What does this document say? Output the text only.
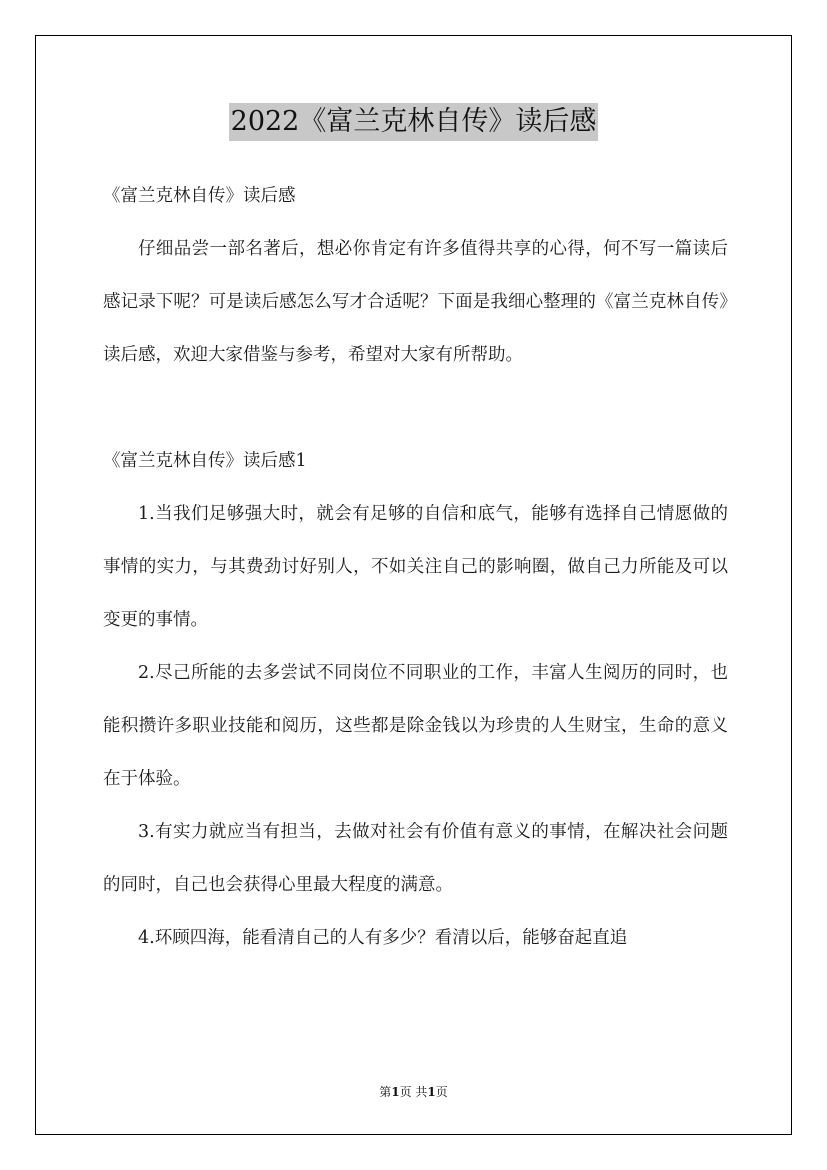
2022《富兰克林自传》读后感

《富兰克林自传》读后感

仔细品尝一部名著后，想必你肯定有许多值得共享的心得，何不写一篇读后感记录下呢？可是读后感怎么写才合适呢？下面是我细心整理的《富兰克林自传》读后感，欢迎大家借鉴与参考，希望对大家有所帮助。

《富兰克林自传》读后感1

1.当我们足够强大时，就会有足够的自信和底气，能够有选择自己情愿做的事情的实力，与其费劲讨好别人，不如关注自己的影响圈，做自己力所能及可以变更的事情。

2.尽己所能的去多尝试不同岗位不同职业的工作，丰富人生阅历的同时，也能积攒许多职业技能和阅历，这些都是除金钱以为珍贵的人生财宝，生命的意义在于体验。

3.有实力就应当有担当，去做对社会有价值有意义的事情，在解决社会问题的同时，自己也会获得心里最大程度的满意。

4.环顾四海，能看清自己的人有多少？看清以后，能够奋起直追

第1页 共1页
